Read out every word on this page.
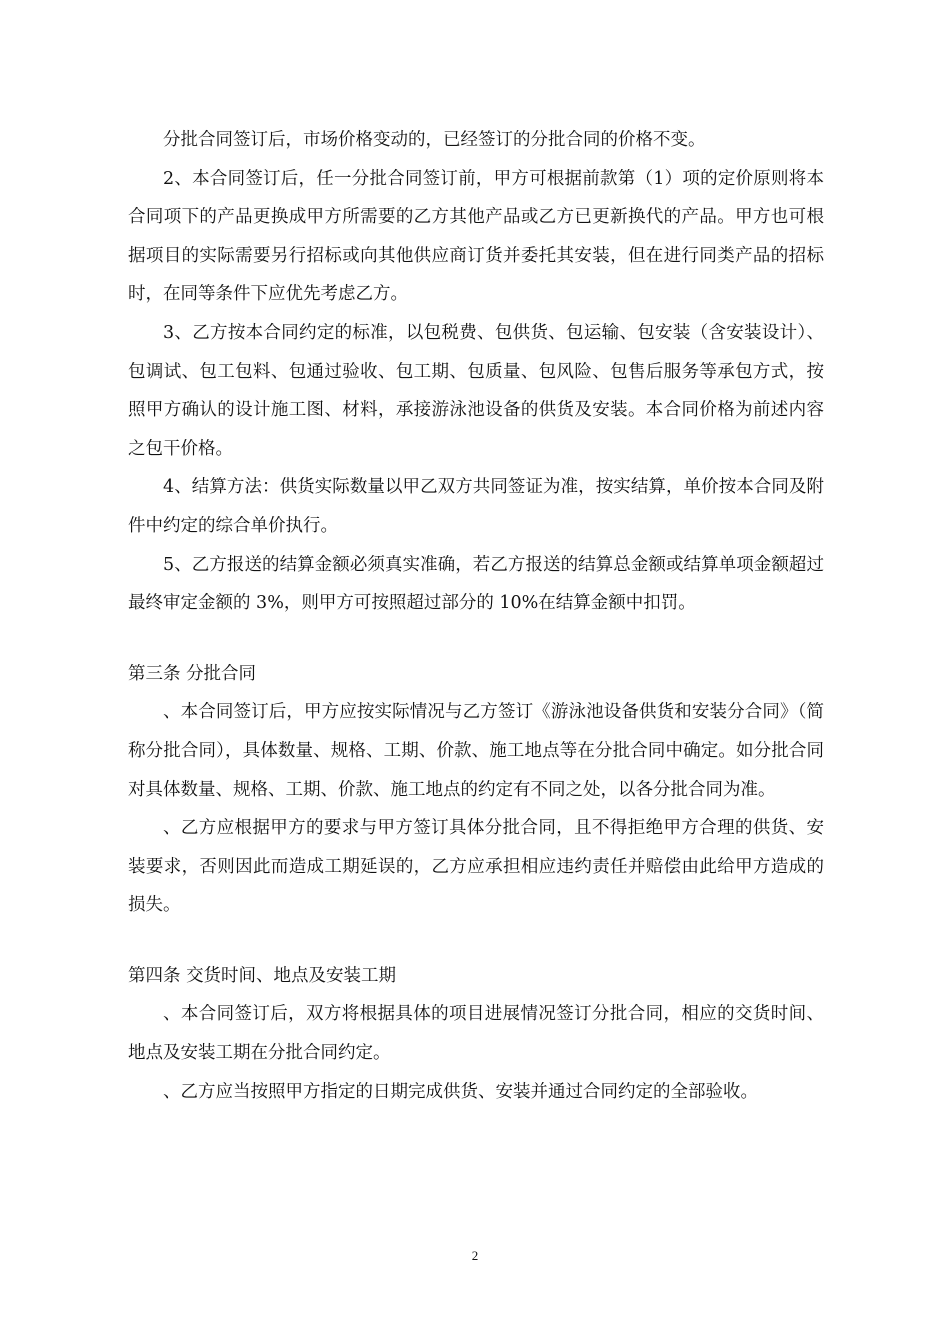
分批合同签订后，市场价格变动的，已经签订的分批合同的价格不变。

2、本合同签订后，任一分批合同签订前，甲方可根据前款第（1）项的定价原则将本合同项下的产品更换成甲方所需要的乙方其他产品或乙方已更新换代的产品。甲方也可根据项目的实际需要另行招标或向其他供应商订货并委托其安装，但在进行同类产品的招标时，在同等条件下应优先考虑乙方。

3、乙方按本合同约定的标准，以包税费、包供货、包运输、包安装（含安装设计）、包调试、包工包料、包通过验收、包工期、包质量、包风险、包售后服务等承包方式，按照甲方确认的设计施工图、材料，承接游泳池设备的供货及安装。本合同价格为前述内容之包干价格。

4、结算方法：供货实际数量以甲乙双方共同签证为准，按实结算，单价按本合同及附件中约定的综合单价执行。

5、乙方报送的结算金额必须真实准确，若乙方报送的结算总金额或结算单项金额超过最终审定金额的 3%，则甲方可按照超过部分的 10%在结算金额中扣罚。

第三条 分批合同

、本合同签订后，甲方应按实际情况与乙方签订《游泳池设备供货和安装分合同》（简称分批合同），具体数量、规格、工期、价款、施工地点等在分批合同中确定。如分批合同对具体数量、规格、工期、价款、施工地点的约定有不同之处，以各分批合同为准。

、乙方应根据甲方的要求与甲方签订具体分批合同，且不得拒绝甲方合理的供货、安装要求，否则因此而造成工期延误的，乙方应承担相应违约责任并赔偿由此给甲方造成的损失。

第四条 交货时间、地点及安装工期

、本合同签订后，双方将根据具体的项目进展情况签订分批合同，相应的交货时间、地点及安装工期在分批合同约定。

、乙方应当按照甲方指定的日期完成供货、安装并通过合同约定的全部验收。

2
